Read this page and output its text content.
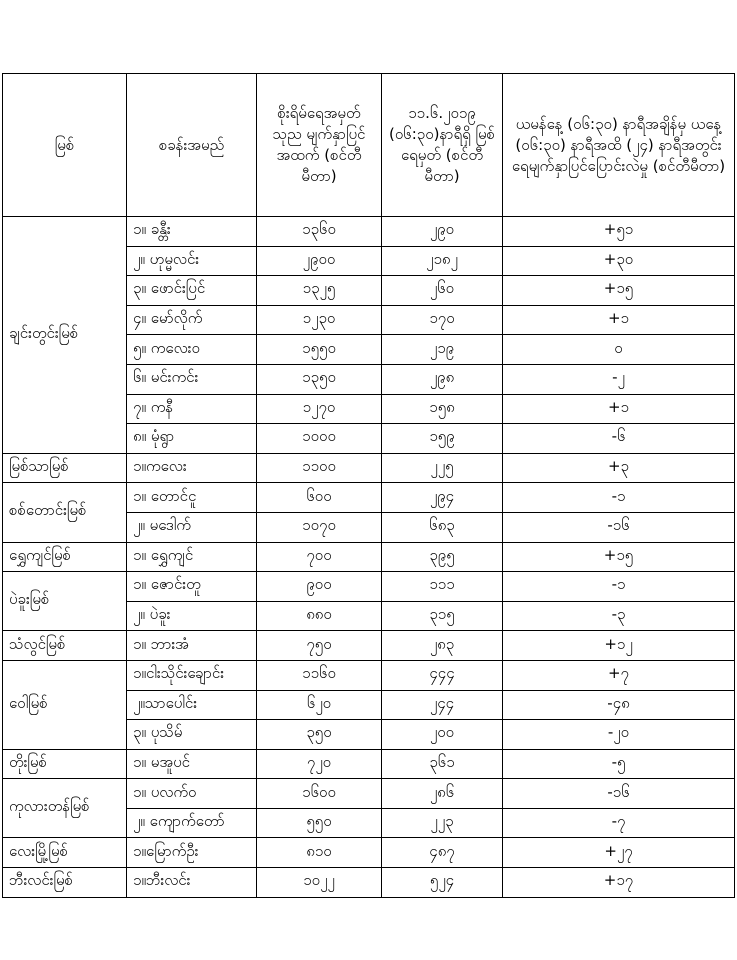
မြစ်	စခန်းအမည်	စိုးရိမ်ရေအမှတ် သုည မျက်နှာပြင် အထက် (စင်တီမီတာ)	၁၁.၆.၂၀၁၉ (၀၆:၃၀)နာရီရှိ မြစ်ရေမှတ် (စင်တီမီတာ)	ယမန်နေ့ (၀၆:၃၀) နာရီအချိန်မှ ယနေ့ (၀၆:၃၀) နာရီအထိ (၂၄) နာရီအတွင်း ရေမျက်နှာပြင်ပြောင်းလဲမှု (စင်တီမီတာ)
ချင်းတွင်းမြစ်	၁။ ခန္တီး	၁၃၆၀	၂၉၀	+၅၁
	၂။ ဟုမ္မလင်း	၂၉၀၀	၂၁၈၂	+၃၀
	၃။ ဖောင်းပြင်	၁၃၂၅	၂၆၀	+၁၅
	၄။ မော်လိုက်	၁၂၃၀	၁၇၀	+၁
	၅။ ကလေးဝ	၁၅၅၀	၂၁၉	၀
	၆။ မင်းကင်း	၁၃၅၀	၂၉၈	-၂
	၇။ ကနီ	၁၂၇၀	၁၅၈	+၁
	၈။ မုံရွာ	၁၀၀၀	၁၅၉	-၆
မြစ်သာမြစ်	၁။ကလေး	၁၁၀၀	၂၂၅	+၃
စစ်တောင်းမြစ်	၁။ တောင်ငူ	၆၀၀	၂၉၄	-၁
	၂။ မဒေါက်	၁၀၇၀	၆၈၃	-၁၆
ရွှေကျင်မြစ်	၁။ ရွှေကျင်	၇၀၀	၃၉၅	+၁၅
ပဲခူးမြစ်	၁။ ဇောင်းတူ	၉၀၀	၁၁၁	-၁
	၂။ ပဲခူး	၈၈၀	၃၁၅	-၃
သံလွင်မြစ်	၁။ ဘားအံ	၇၅၀	၂၈၃	+၁၂
ဝေါမြစ်	၁။ငါးသိုင်းချောင်း	၁၁၆၀	၄၄၄	+၇
	၂။သာပေါင်း	၆၂၀	၂၄၄	-၄၈
	၃။ ပုသိမ်	၃၅၀	၂၀၀	-၂၀
တိုးမြစ်	၁။ မအူပင်	၇၂၀	၃၆၁	-၅
ကုလားတန်မြစ်	၁။ ပလက်ဝ	၁၆၀၀	၂၈၆	-၁၆
	၂။ ကျောက်တော်	၅၅၀	၂၂၃	-၇
လေးမြို့မြစ်	၁။မြောက်ဦး	၈၁၀	၄၈၇	+၂၇
ဘီးလင်းမြစ်	၁။ဘီးလင်း	၁၀၂၂	၅၂၄	+၁၇
